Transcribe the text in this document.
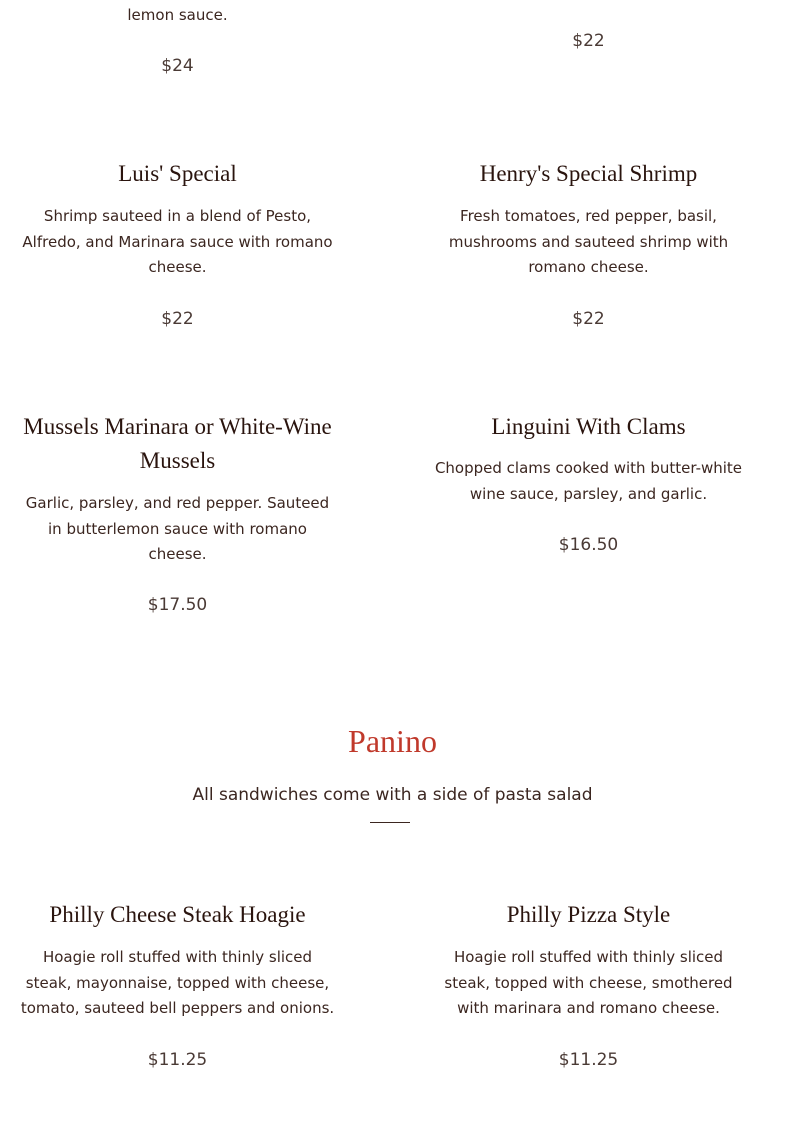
lemon sauce.
$24
$22
Luis' Special
Shrimp sauteed in a blend of Pesto, Alfredo, and Marinara sauce with romano cheese.
$22
Henry's Special Shrimp
Fresh tomatoes, red pepper, basil, mushrooms and sauteed shrimp with romano cheese.
$22
Mussels Marinara or White-Wine Mussels
Garlic, parsley, and red pepper. Sauteed in butterlemon sauce with romano cheese.
$17.50
Linguini With Clams
Chopped clams cooked with butter-white wine sauce, parsley, and garlic.
$16.50
Panino
All sandwiches come with a side of pasta salad
Philly Cheese Steak Hoagie
Hoagie roll stuffed with thinly sliced steak, mayonnaise, topped with cheese, tomato, sauteed bell peppers and onions.
$11.25
Philly Pizza Style
Hoagie roll stuffed with thinly sliced steak, topped with cheese, smothered with marinara and romano cheese.
$11.25
